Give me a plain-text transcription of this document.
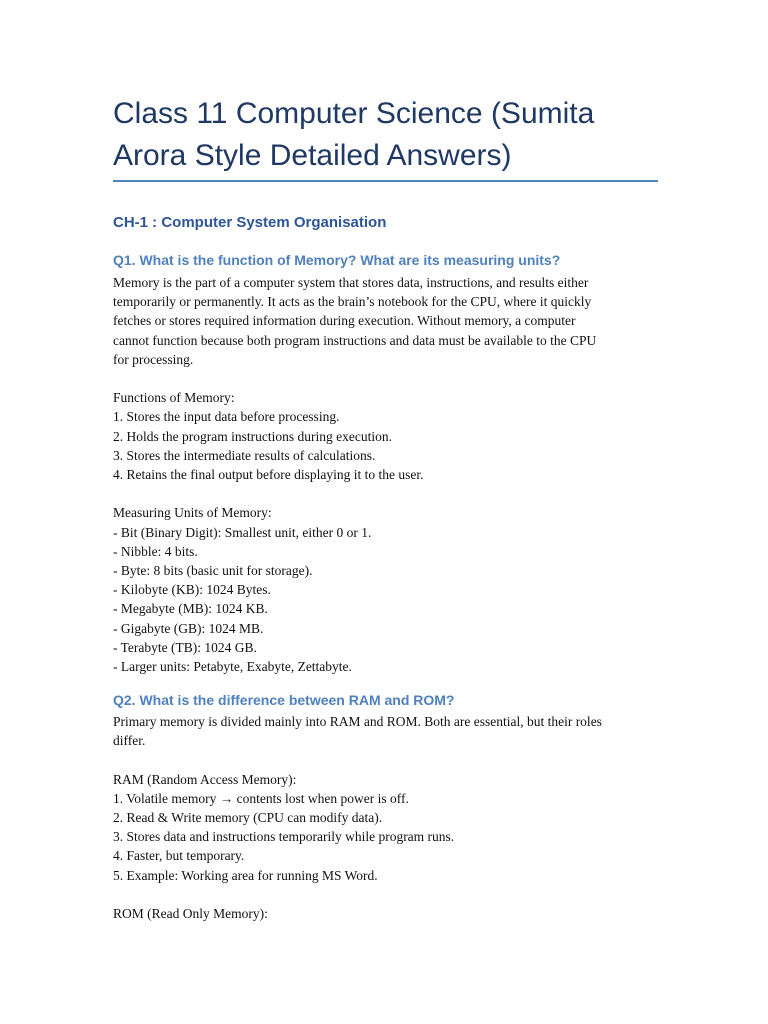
Class 11 Computer Science (Sumita Arora Style Detailed Answers)
CH-1 : Computer System Organisation
Q1. What is the function of Memory? What are its measuring units?
Memory is the part of a computer system that stores data, instructions, and results either
temporarily or permanently. It acts as the brain’s notebook for the CPU, where it quickly
fetches or stores required information during execution. Without memory, a computer
cannot function because both program instructions and data must be available to the CPU
for processing.
Functions of Memory:
1. Stores the input data before processing.
2. Holds the program instructions during execution.
3. Stores the intermediate results of calculations.
4. Retains the final output before displaying it to the user.
Measuring Units of Memory:
- Bit (Binary Digit): Smallest unit, either 0 or 1.
- Nibble: 4 bits.
- Byte: 8 bits (basic unit for storage).
- Kilobyte (KB): 1024 Bytes.
- Megabyte (MB): 1024 KB.
- Gigabyte (GB): 1024 MB.
- Terabyte (TB): 1024 GB.
- Larger units: Petabyte, Exabyte, Zettabyte.
Q2. What is the difference between RAM and ROM?
Primary memory is divided mainly into RAM and ROM. Both are essential, but their roles
differ.
RAM (Random Access Memory):
1. Volatile memory → contents lost when power is off.
2. Read & Write memory (CPU can modify data).
3. Stores data and instructions temporarily while program runs.
4. Faster, but temporary.
5. Example: Working area for running MS Word.
ROM (Read Only Memory):
